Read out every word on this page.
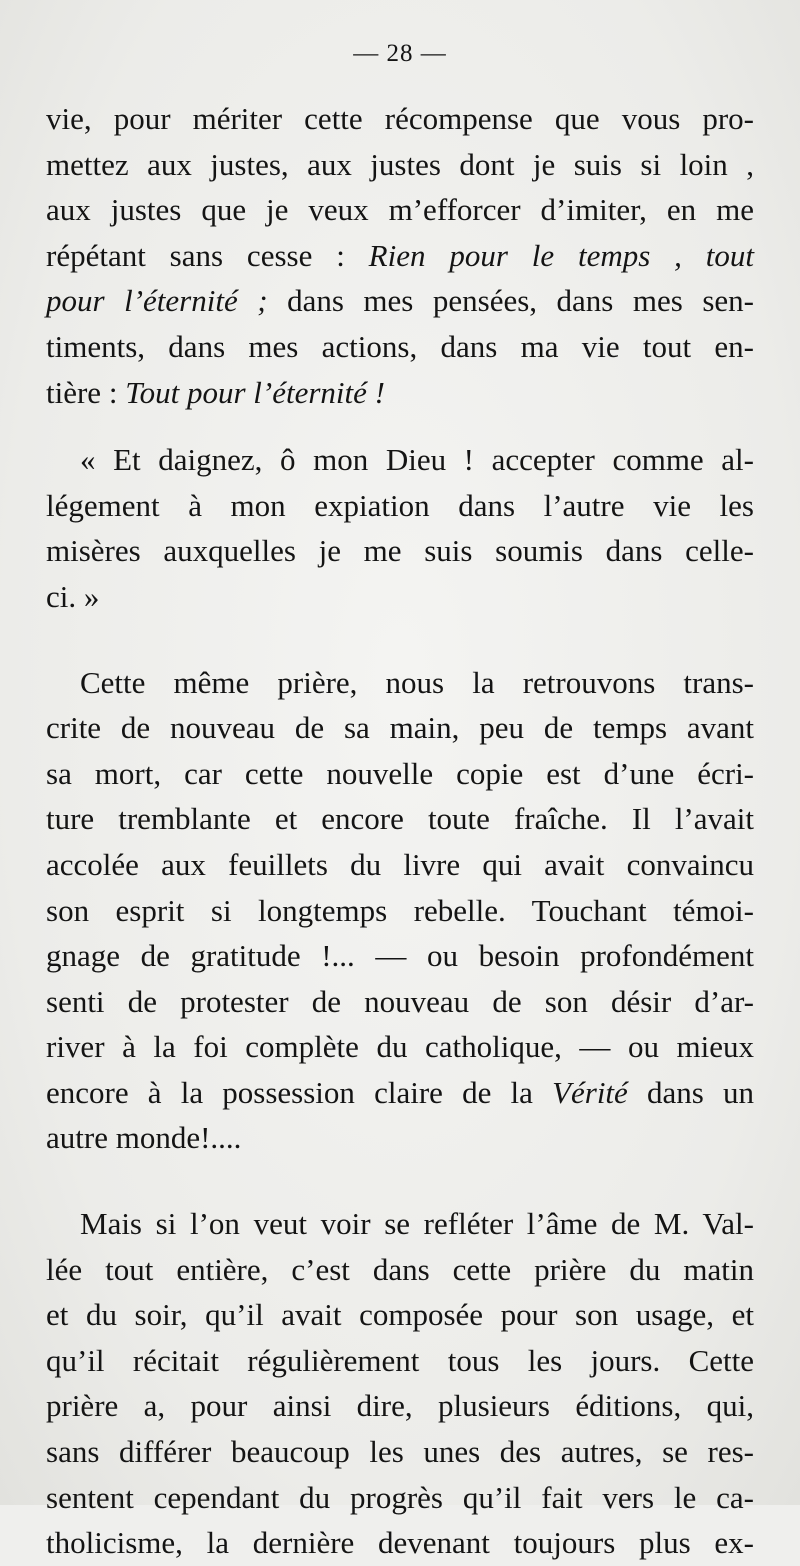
— 28 —
vie, pour mériter cette récompense que vous pro-
mettez aux justes, aux justes dont je suis si loin ,
aux justes que je veux m’efforcer d’imiter, en me
répétant sans cesse : Rien pour le temps , tout
pour l’éternité ; dans mes pensées, dans mes sen-
timents, dans mes actions, dans ma vie tout en-
tière : Tout pour l’éternité !
« Et daignez, ô mon Dieu ! accepter comme al-
légement à mon expiation dans l’autre vie les
misères auxquelles je me suis soumis dans celle-
ci. »
Cette même prière, nous la retrouvons trans-
crite de nouveau de sa main, peu de temps avant
sa mort, car cette nouvelle copie est d’une écri-
ture tremblante et encore toute fraîche. Il l’avait
accolée aux feuillets du livre qui avait convaincu
son esprit si longtemps rebelle. Touchant témoi-
gnage de gratitude !... — ou besoin profondément
senti de protester de nouveau de son désir d’ar-
river à la foi complète du catholique, — ou mieux
encore à la possession claire de la Vérité dans un
autre monde!....
Mais si l’on veut voir se refléter l’âme de M. Val-
lée tout entière, c’est dans cette prière du matin
et du soir, qu’il avait composée pour son usage, et
qu’il récitait régulièrement tous les jours. Cette
prière a, pour ainsi dire, plusieurs éditions, qui,
sans différer beaucoup les unes des autres, se res-
sentent cependant du progrès qu’il fait vers le ca-
tholicisme, la dernière devenant toujours plus ex-
